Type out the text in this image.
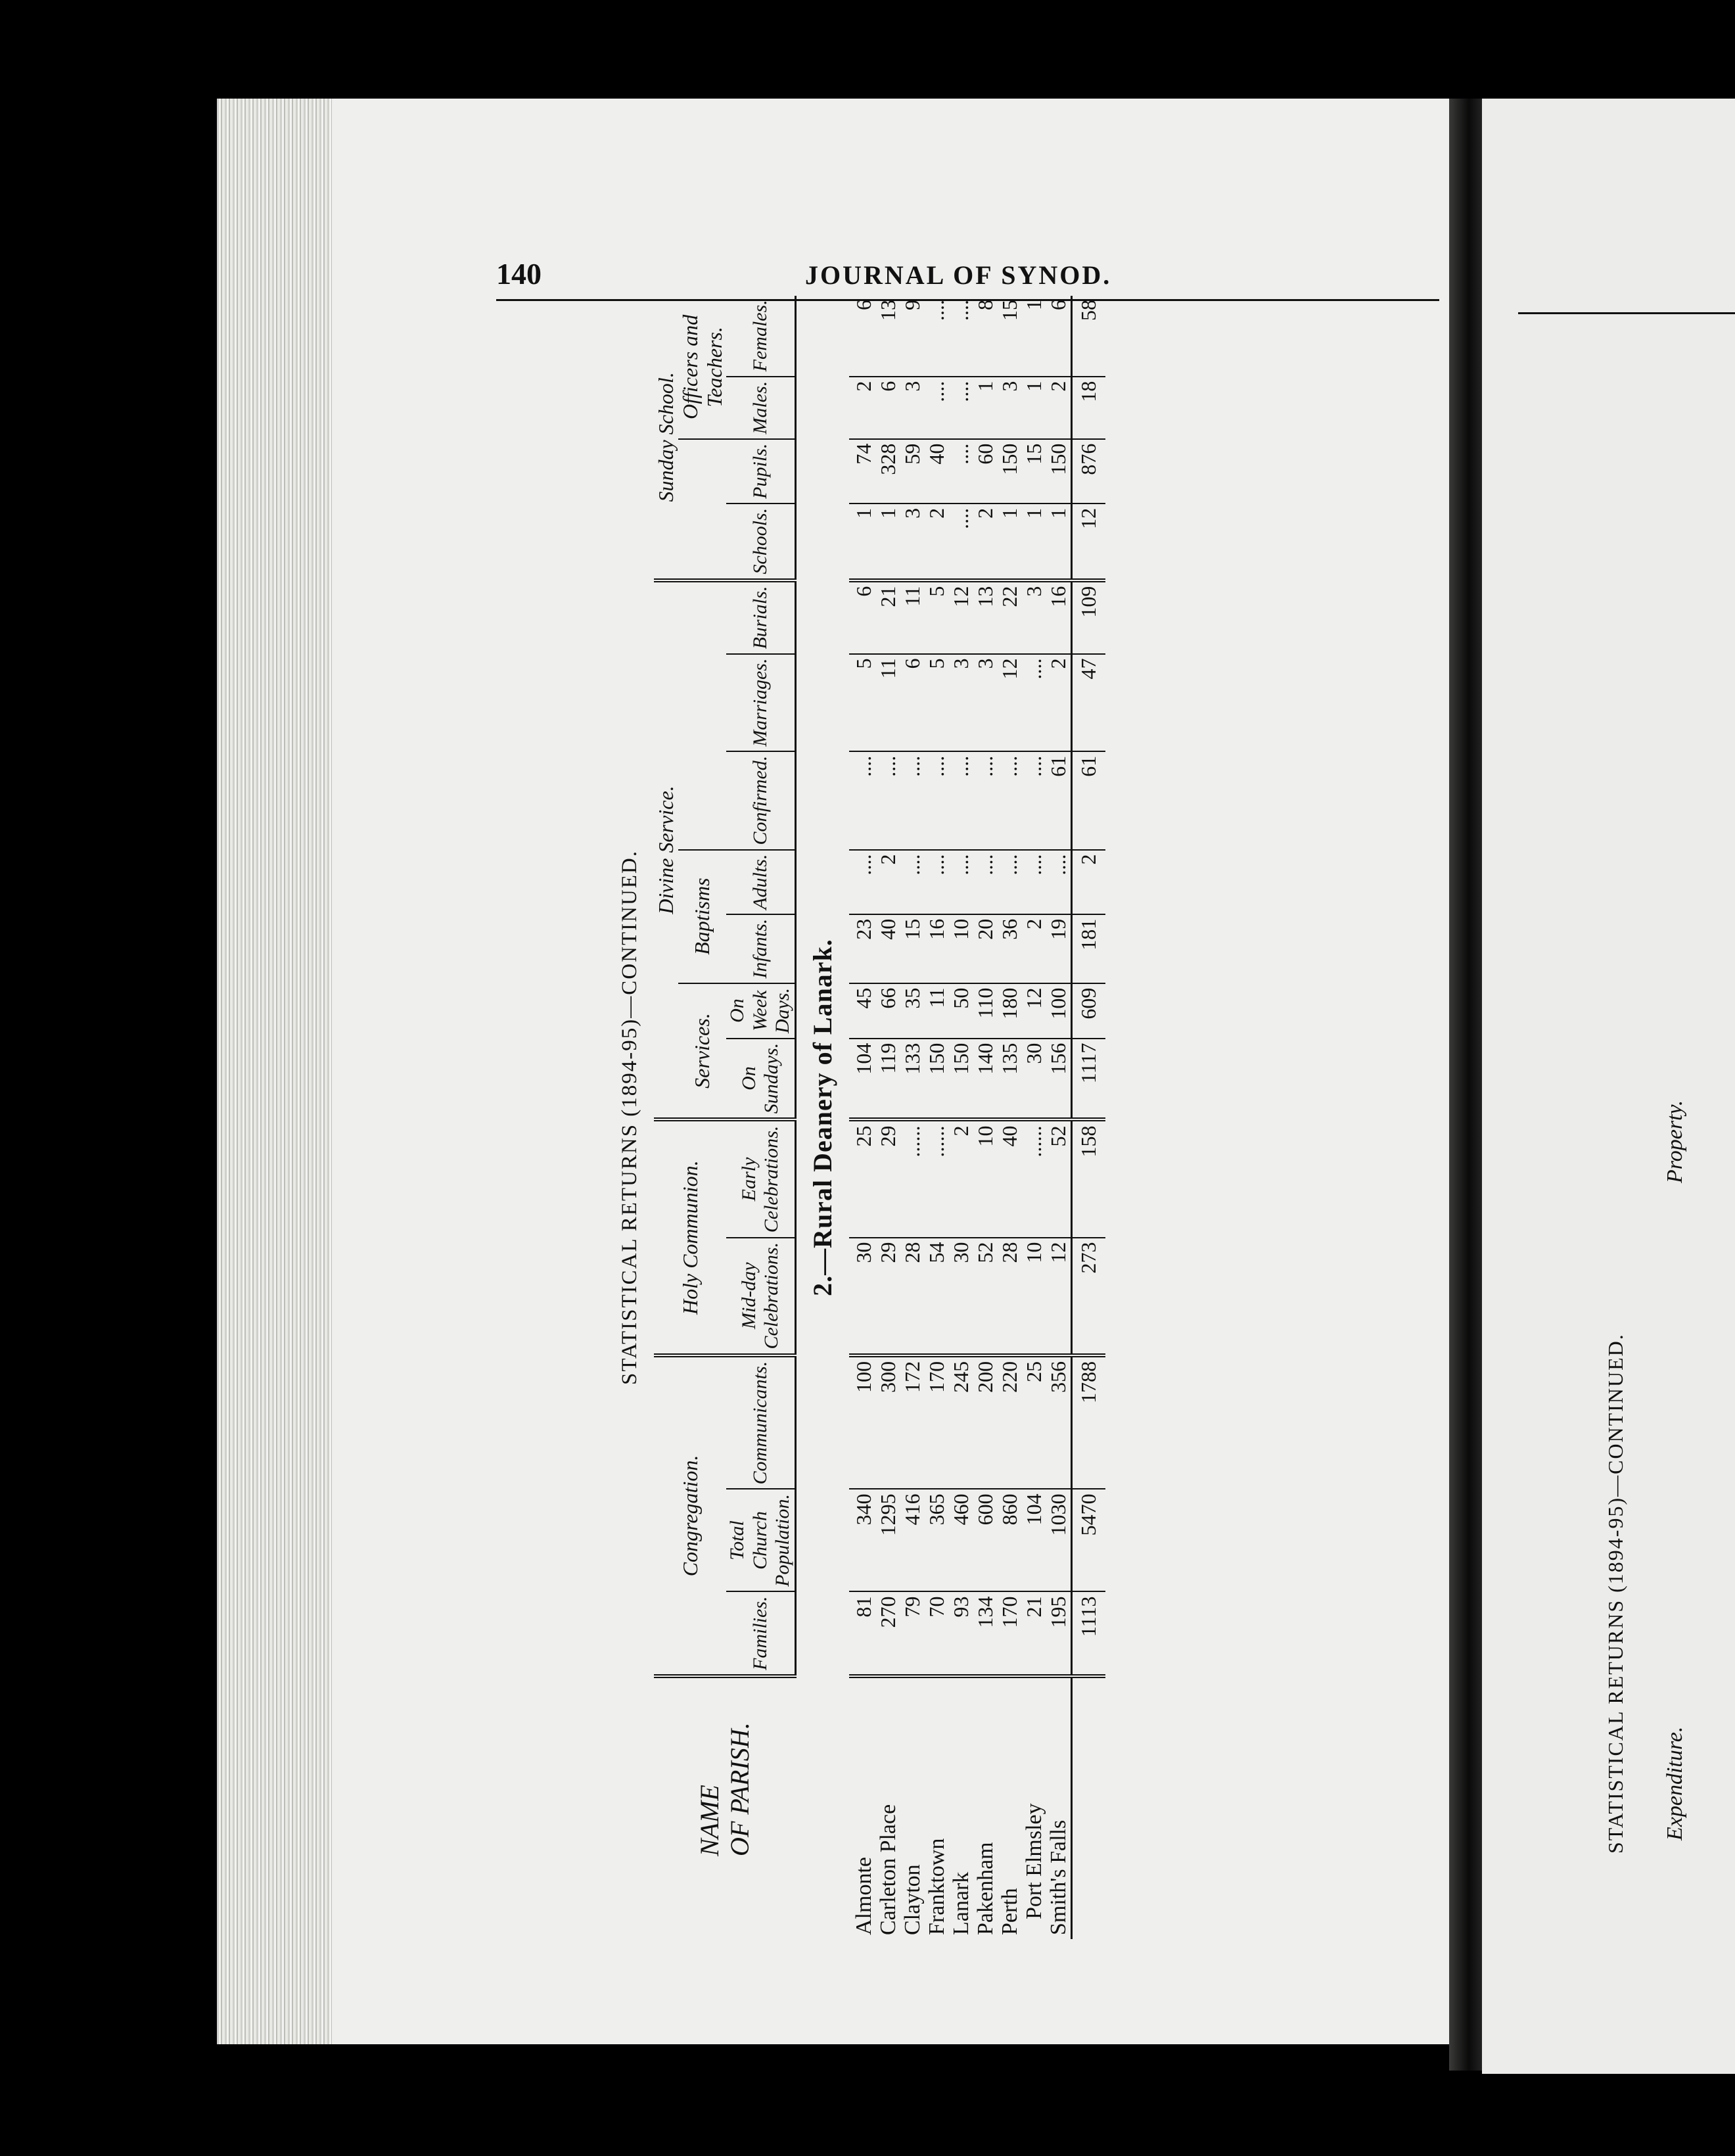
140	JOURNAL OF SYNOD.
STATISTICAL RETURNS (1894-95)—CONTINUED.
NAME OF PARISH.	Congregation.			Holy Communion.		Divine Service.							Sunday School.			
						Services.		Baptisms							Officers and Teachers.	
	Families.	Total Church Population.	Communicants.	Mid-day Celebrations.	Early Celebrations.	On Sundays.	On Week Days.	Infants.	Adults.	Confirmed.	Marriages.	Burials.	Schools.	Pupils.	Males.	Females.
2.—Rural Deanery of Lanark.																
Almonte	81	340	100	30	25	104	45	23	....	....	5	6	1	74	2	6
Carleton Place	270	1295	300	29	29	119	66	40	2	....	11	21	1	328	6	13
Clayton	79	416	172	28	......	133	35	15	....	....	6	11	3	59	3	9
Franktown	70	365	170	54	......	150	11	16	....	....	5	5	2	40	....	....
Lanark	93	460	245	30	2	150	50	10	....	....	3	12	....	....	....	....
Pakenham	134	600	200	52	10	140	110	20	....	....	3	13	2	60	1	8
Perth	170	860	220	28	40	135	180	36	....	....	12	22	1	150	3	15
Port Elmsley	21	104	25	10	......	30	12	2	....	....	....	3	1	15	1	1
Smith's Falls	195	1030	356	12	52	156	100	19	....	61	2	16	1	150	2	6
	1113	5470	1788	273	158	1117	609	181	2	61	47	109	12	876	18	58
STATISTICAL RETURNS (1894-95)—CONTINUED. Expenditure.
Property.
